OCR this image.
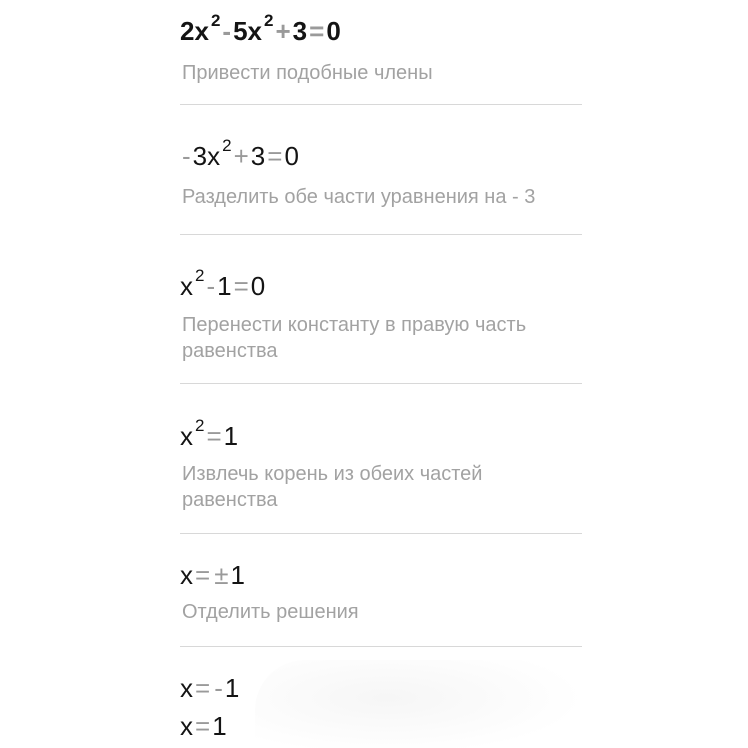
2x $^2$-5x $^2$+3=0
Привести подобные члены
-3x $^2$+3=0
Разделить обе части уравнения на - 3
x $^2$-1=0
Перенести константу в правую часть равенства
x $^2$=1
Извлечь корень из обеих частей равенства
x= ±1
Отделить решения
x= -1
x=1
